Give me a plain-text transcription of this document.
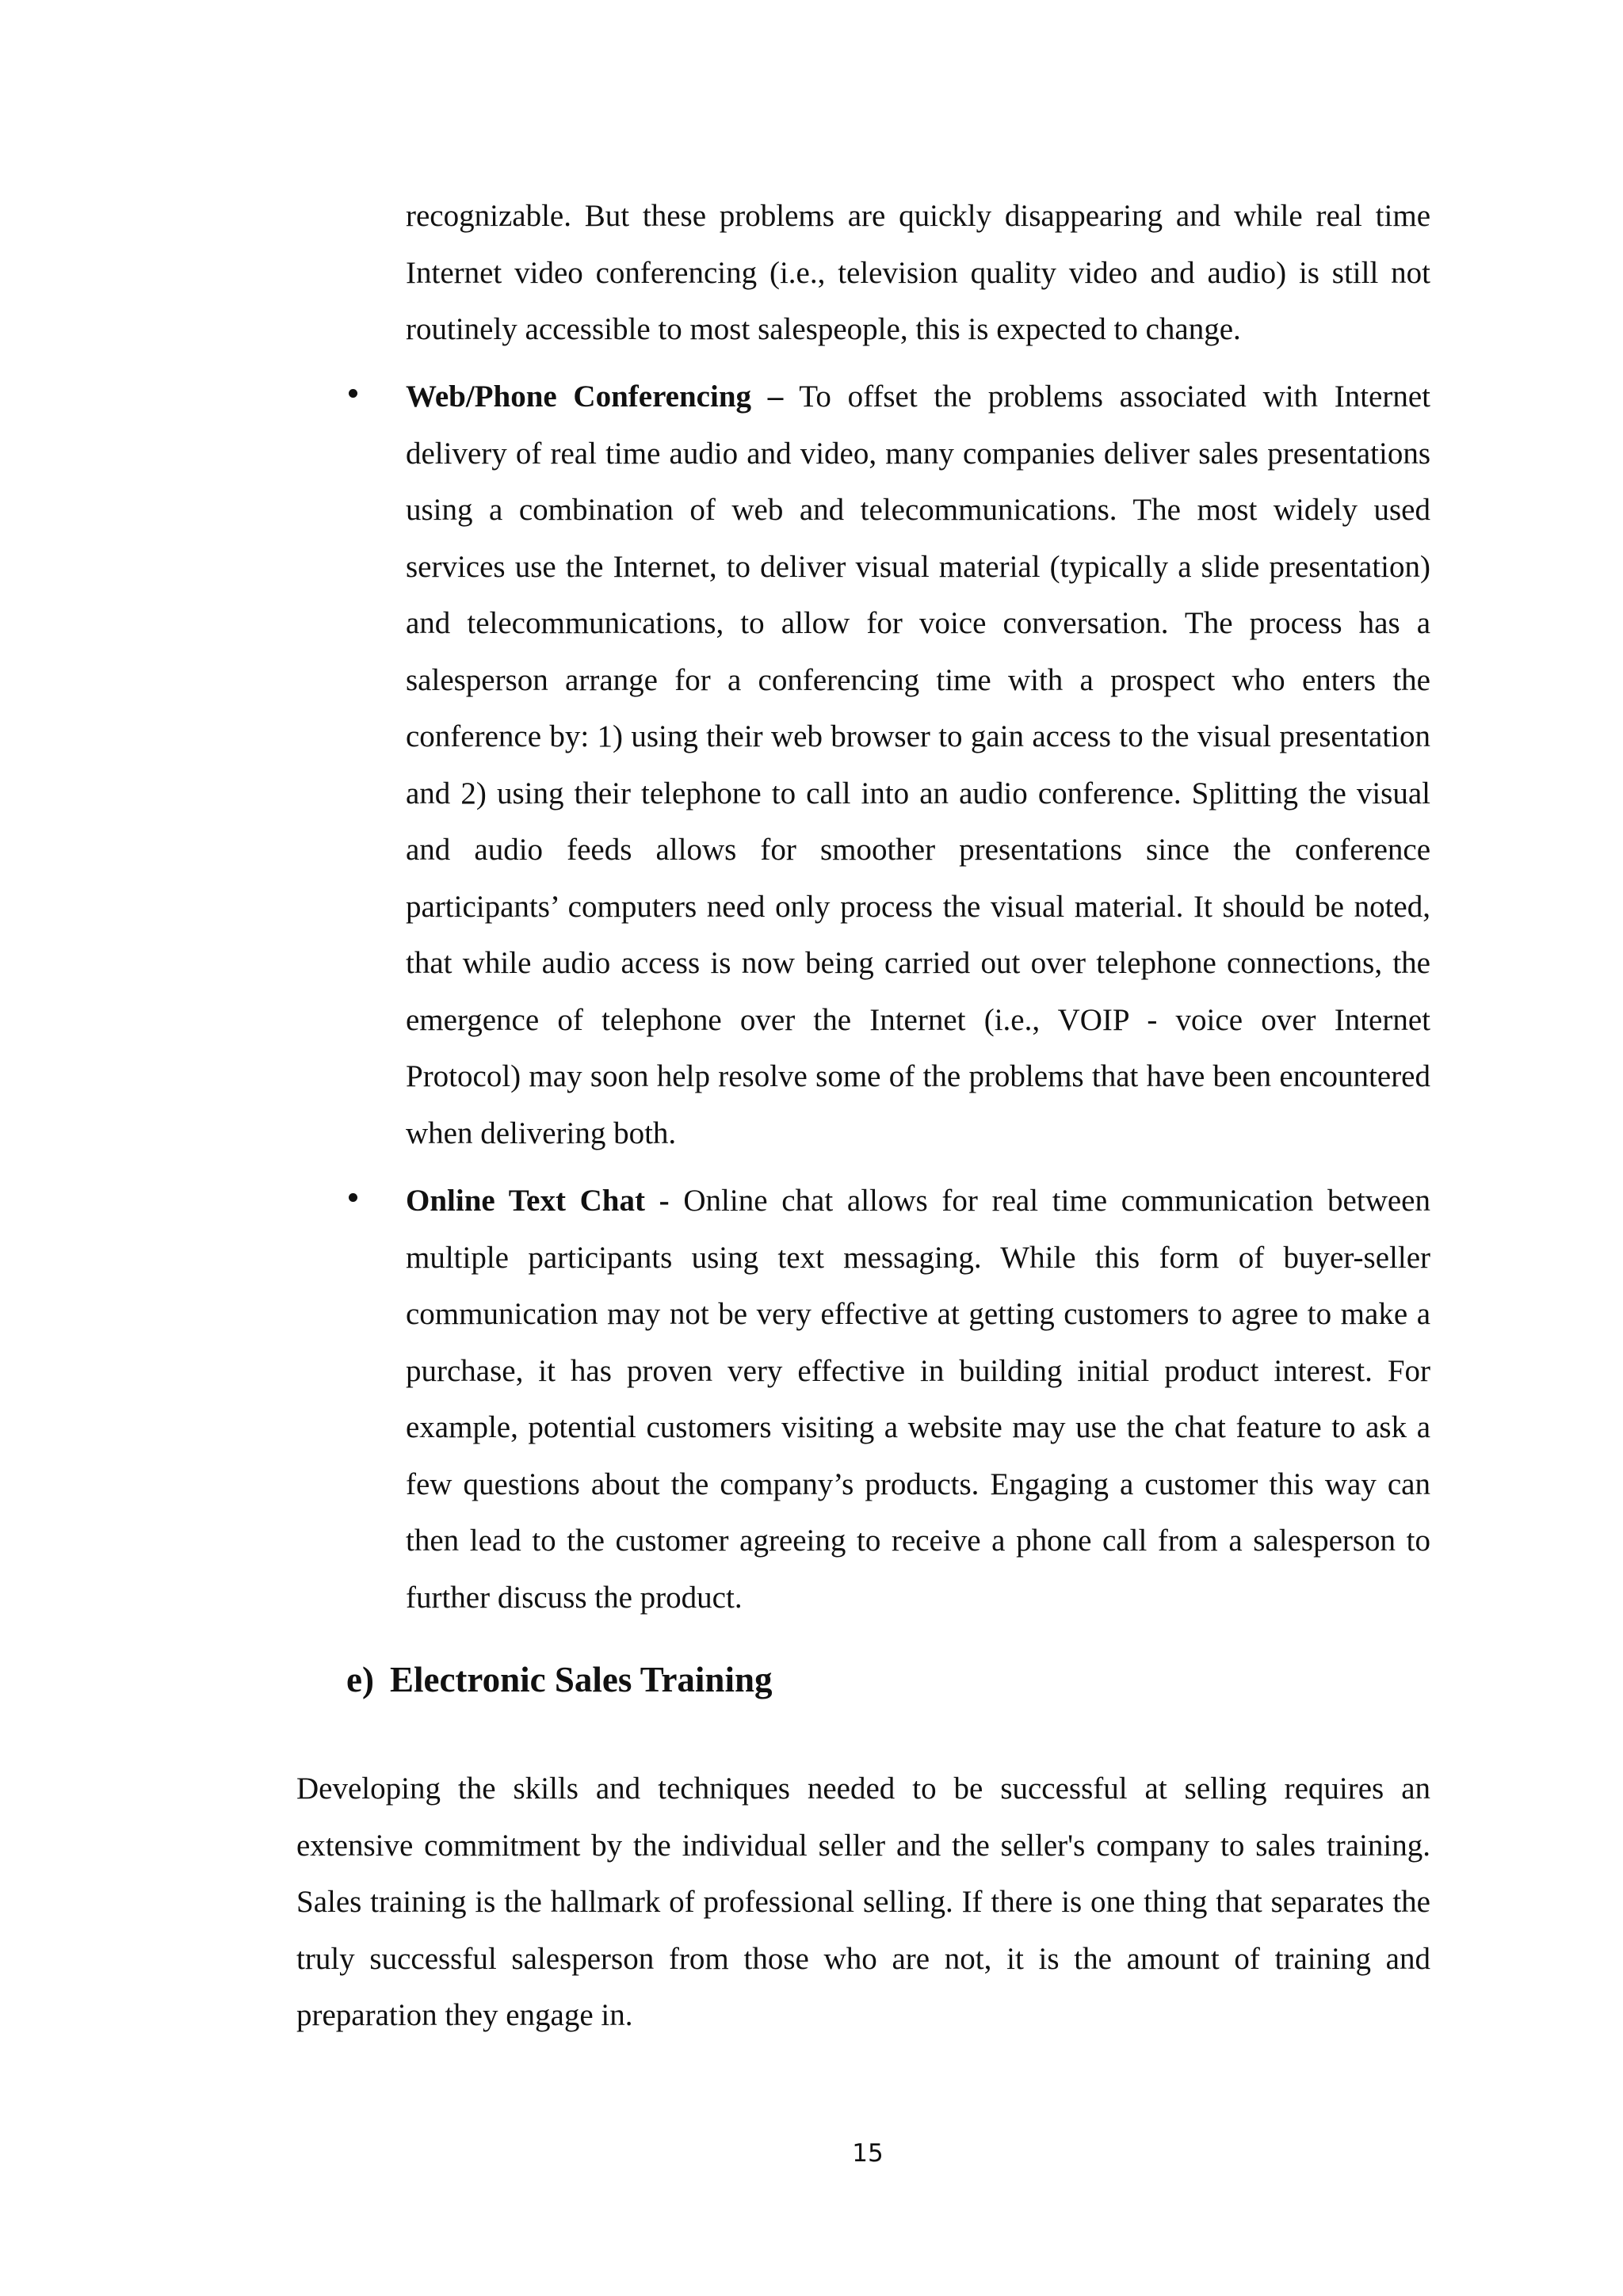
recognizable. But these problems are quickly disappearing and while real time Internet video conferencing (i.e., television quality video and audio) is still not routinely accessible to most salespeople, this is expected to change.

Web/Phone Conferencing – To offset the problems associated with Internet delivery of real time audio and video, many companies deliver sales presentations using a combination of web and telecommunications. The most widely used services use the Internet, to deliver visual material (typically a slide presentation) and telecommunications, to allow for voice conversation. The process has a salesperson arrange for a conferencing time with a prospect who enters the conference by: 1) using their web browser to gain access to the visual presentation and 2) using their telephone to call into an audio conference. Splitting the visual and audio feeds allows for smoother presentations since the conference participants’ computers need only process the visual material. It should be noted, that while audio access is now being carried out over telephone connections, the emergence of telephone over the Internet (i.e., VOIP - voice over Internet Protocol) may soon help resolve some of the problems that have been encountered when delivering both.

Online Text Chat - Online chat allows for real time communication between multiple participants using text messaging. While this form of buyer-seller communication may not be very effective at getting customers to agree to make a purchase, it has proven very effective in building initial product interest. For example, potential customers visiting a website may use the chat feature to ask a few questions about the company’s products. Engaging a customer this way can then lead to the customer agreeing to receive a phone call from a salesperson to further discuss the product.

e) Electronic Sales Training

Developing the skills and techniques needed to be successful at selling requires an extensive commitment by the individual seller and the seller's company to sales training. Sales training is the hallmark of professional selling. If there is one thing that separates the truly successful salesperson from those who are not, it is the amount of training and preparation they engage in.

15
